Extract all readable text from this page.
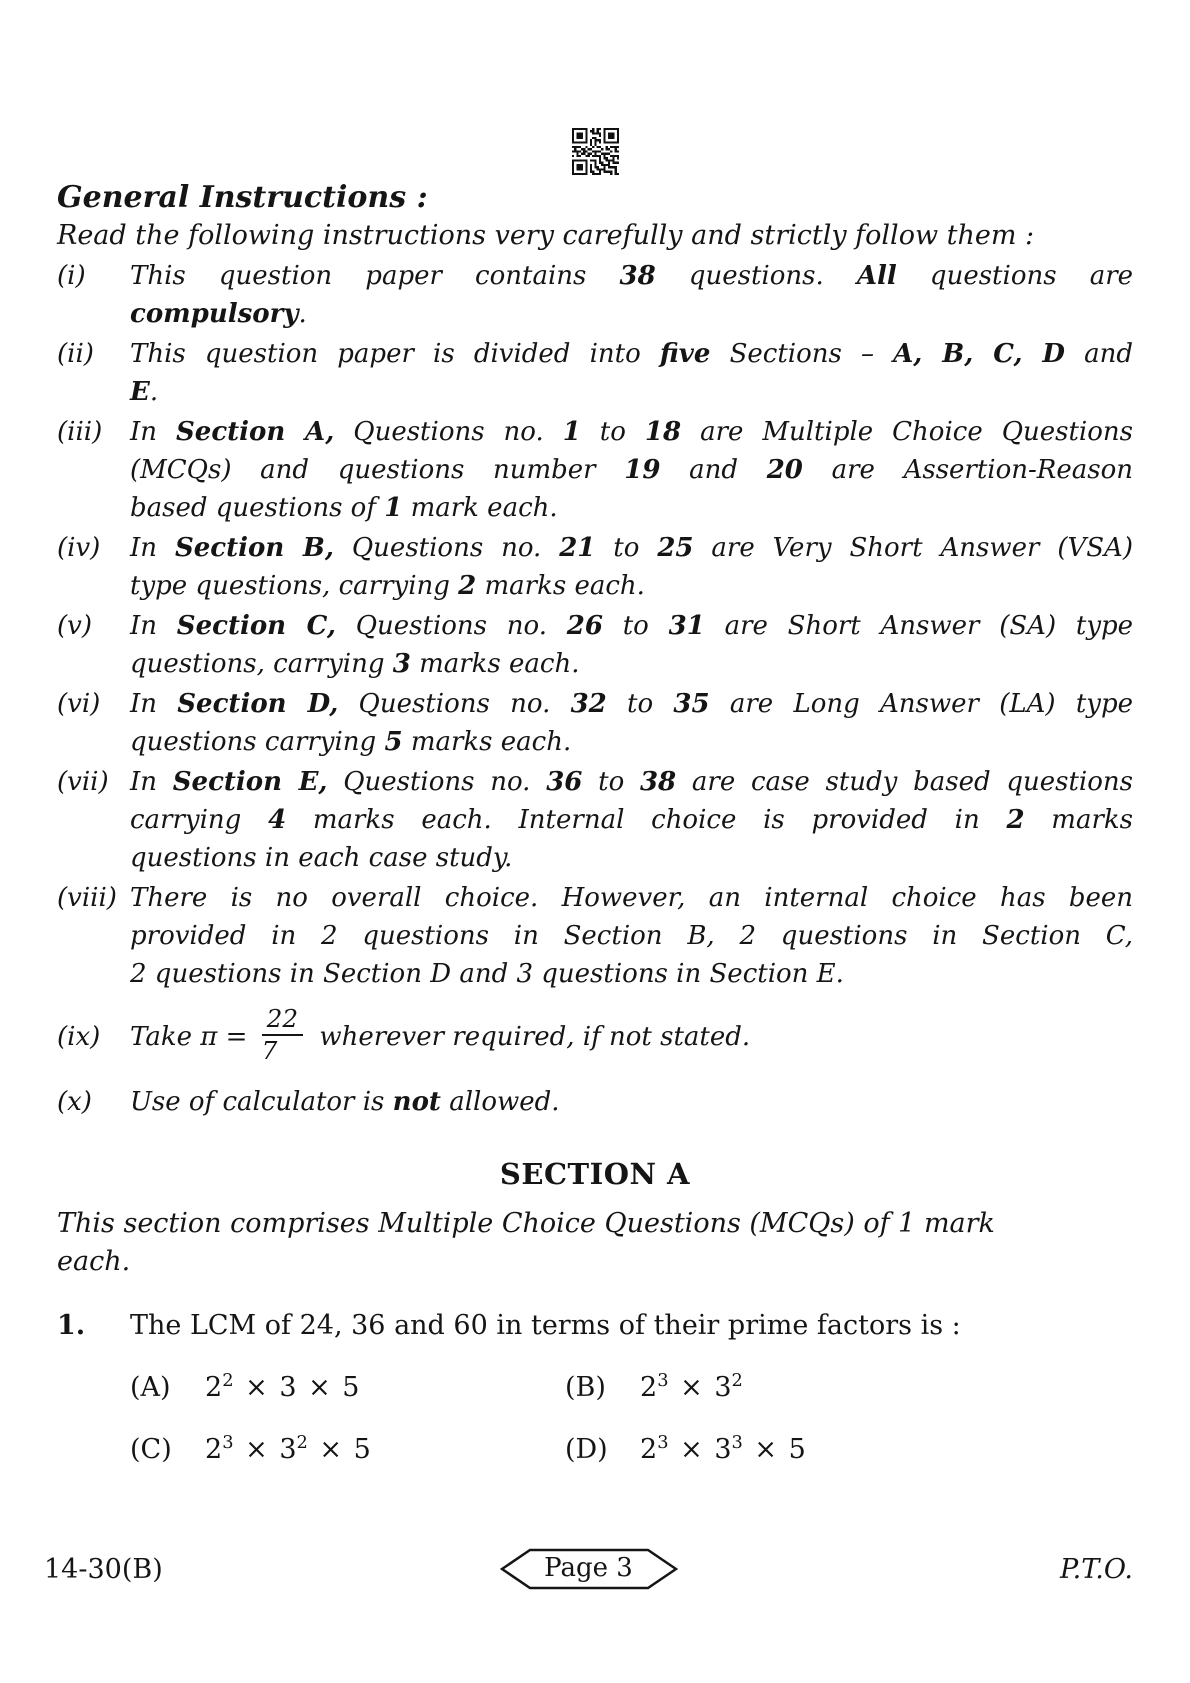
General Instructions :

Read the following instructions very carefully and strictly follow them :

(i)	This question paper contains 38 questions. All questions are
compulsory.
(ii)	This question paper is divided into five Sections – A, B, C, D and
E.
(iii)	In Section A, Questions no. 1 to 18 are Multiple Choice Questions
(MCQs) and questions number 19 and 20 are Assertion-Reason
based questions of 1 mark each.
(iv)	In Section B, Questions no. 21 to 25 are Very Short Answer (VSA)
type questions, carrying 2 marks each.
(v)	In Section C, Questions no. 26 to 31 are Short Answer (SA) type
questions, carrying 3 marks each.
(vi)	In Section D, Questions no. 32 to 35 are Long Answer (LA) type
questions carrying 5 marks each.
(vii) In Section E, Questions no. 36 to 38 are case study based questions
carrying 4 marks each. Internal choice is provided in 2 marks
questions in each case study.
(viii) There is no overall choice. However, an internal choice has been
provided in 2 questions in Section B, 2 questions in Section C,
2 questions in Section D and 3 questions in Section E.
(ix)	Take $\pi = \frac{22}{7}$ wherever required, if not stated.
(x)	Use of calculator is not allowed.
SECTION A

This section comprises Multiple Choice Questions (MCQs) of 1 mark each.

1.	The LCM of 24, 36 and 60 in terms of their prime factors is :
(A)	$2^2 \times 3 \times 5$	(B)	$2^3 \times 3^2$
(C)	$2^3 \times 3^2 \times 5$	(D)	$2^3 \times 3^3 \times 5$
14-30(B)	Page 3	P.T.O.
